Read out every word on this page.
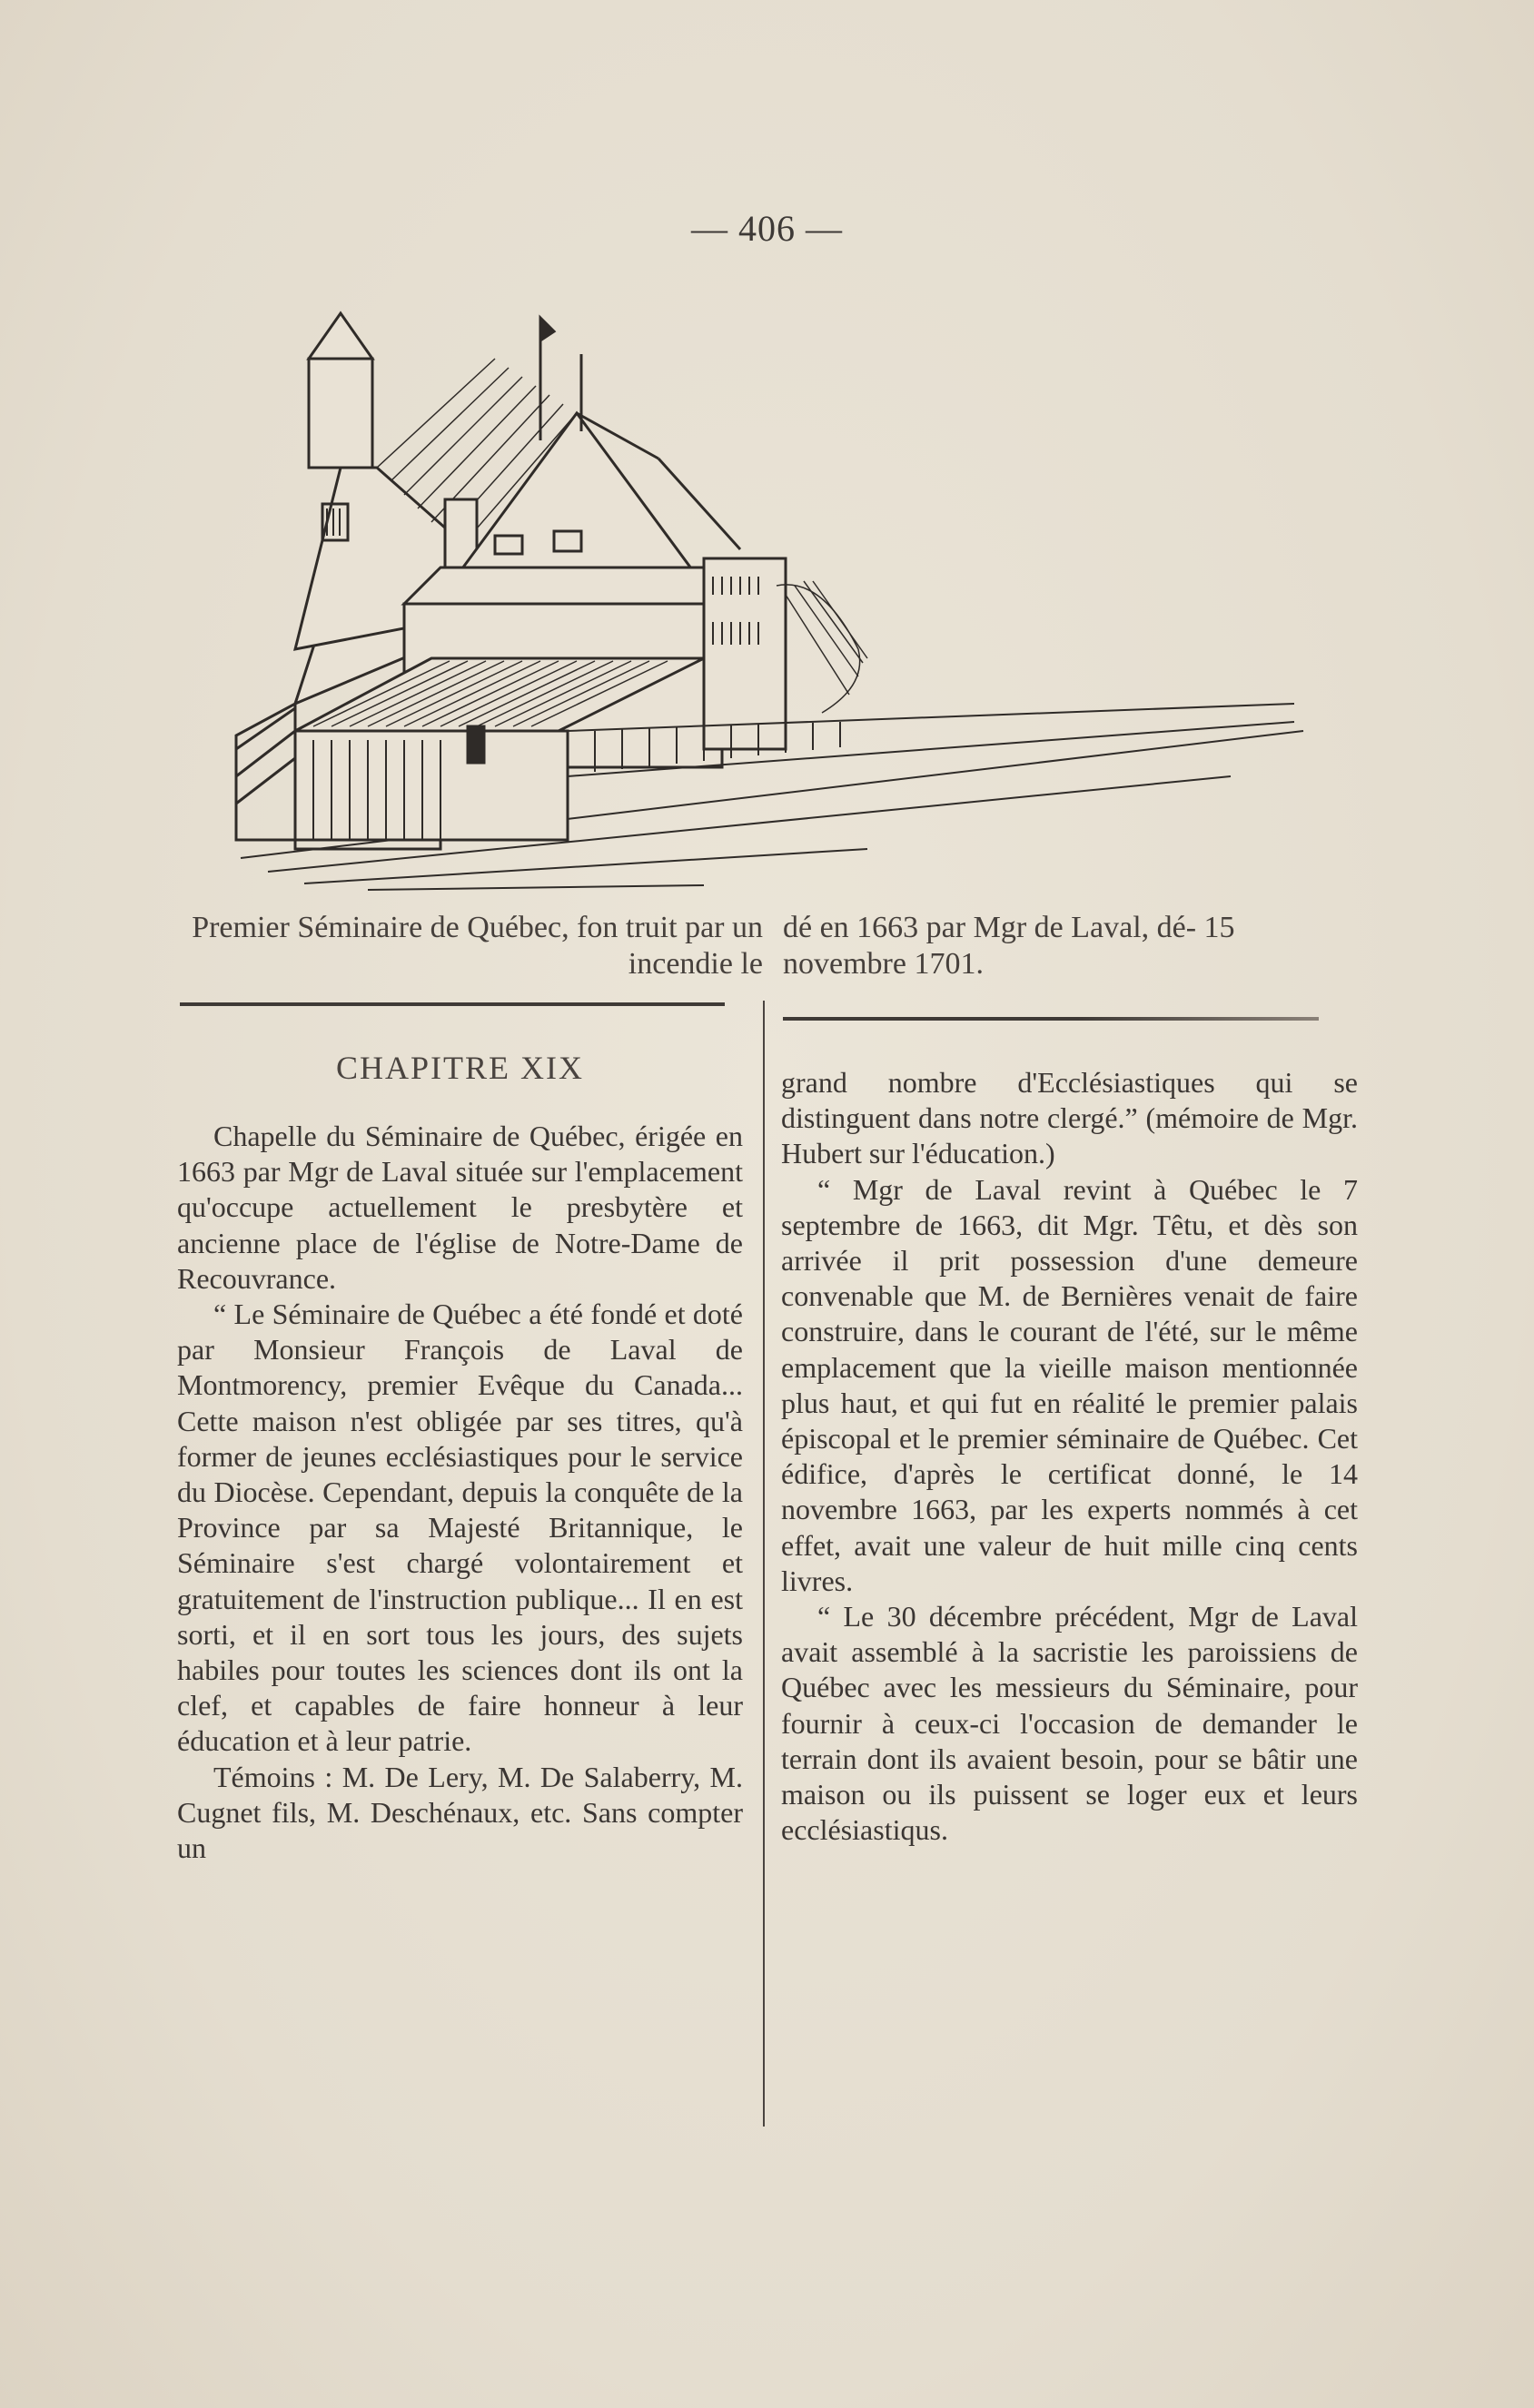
— 406 —
Premier Séminaire de Québec, fon truit par un incendie le
dé en 1663 par Mgr de Laval, dé- 15 novembre 1701.
CHAPITRE XIX

Chapelle du Séminaire de Québec, érigée en 1663 par Mgr de Laval située sur l'emplacement qu'occupe actuellement le presbytère et ancienne place de l'église de Notre-Dame de Recouvrance.

“ Le Séminaire de Québec a été fondé et doté par Monsieur François de Laval de Montmorency, premier Evêque du Canada... Cette maison n'est obligée par ses titres, qu'à former de jeunes ecclésiastiques pour le service du Diocèse. Cependant, depuis la conquête de la Province par sa Majesté Britannique, le Séminaire s'est chargé volontairement et gratuitement de l'instruction publique... Il en est sorti, et il en sort tous les jours, des sujets habiles pour toutes les sciences dont ils ont la clef, et capables de faire honneur à leur éducation et à leur patrie.

Témoins : M. De Lery, M. De Salaberry, M. Cugnet fils, M. Deschénaux, etc. Sans compter un

grand nombre d'Ecclésiastiques qui se distinguent dans notre clergé.” (mémoire de Mgr. Hubert sur l'éducation.)

“ Mgr de Laval revint à Québec le 7 septembre de 1663, dit Mgr. Têtu, et dès son arrivée il prit possession d'une demeure convenable que M. de Bernières venait de faire construire, dans le courant de l'été, sur le même emplacement que la vieille maison mentionnée plus haut, et qui fut en réalité le premier palais épiscopal et le premier séminaire de Québec. Cet édifice, d'après le certificat donné, le 14 novembre 1663, par les experts nommés à cet effet, avait une valeur de huit mille cinq cents livres.

“ Le 30 décembre précédent, Mgr de Laval avait assemblé à la sacristie les paroissiens de Québec avec les messieurs du Séminaire, pour fournir à ceux-ci l'occasion de demander le terrain dont ils avaient besoin, pour se bâtir une maison ou ils puissent se loger eux et leurs ecclésiastiqus.
